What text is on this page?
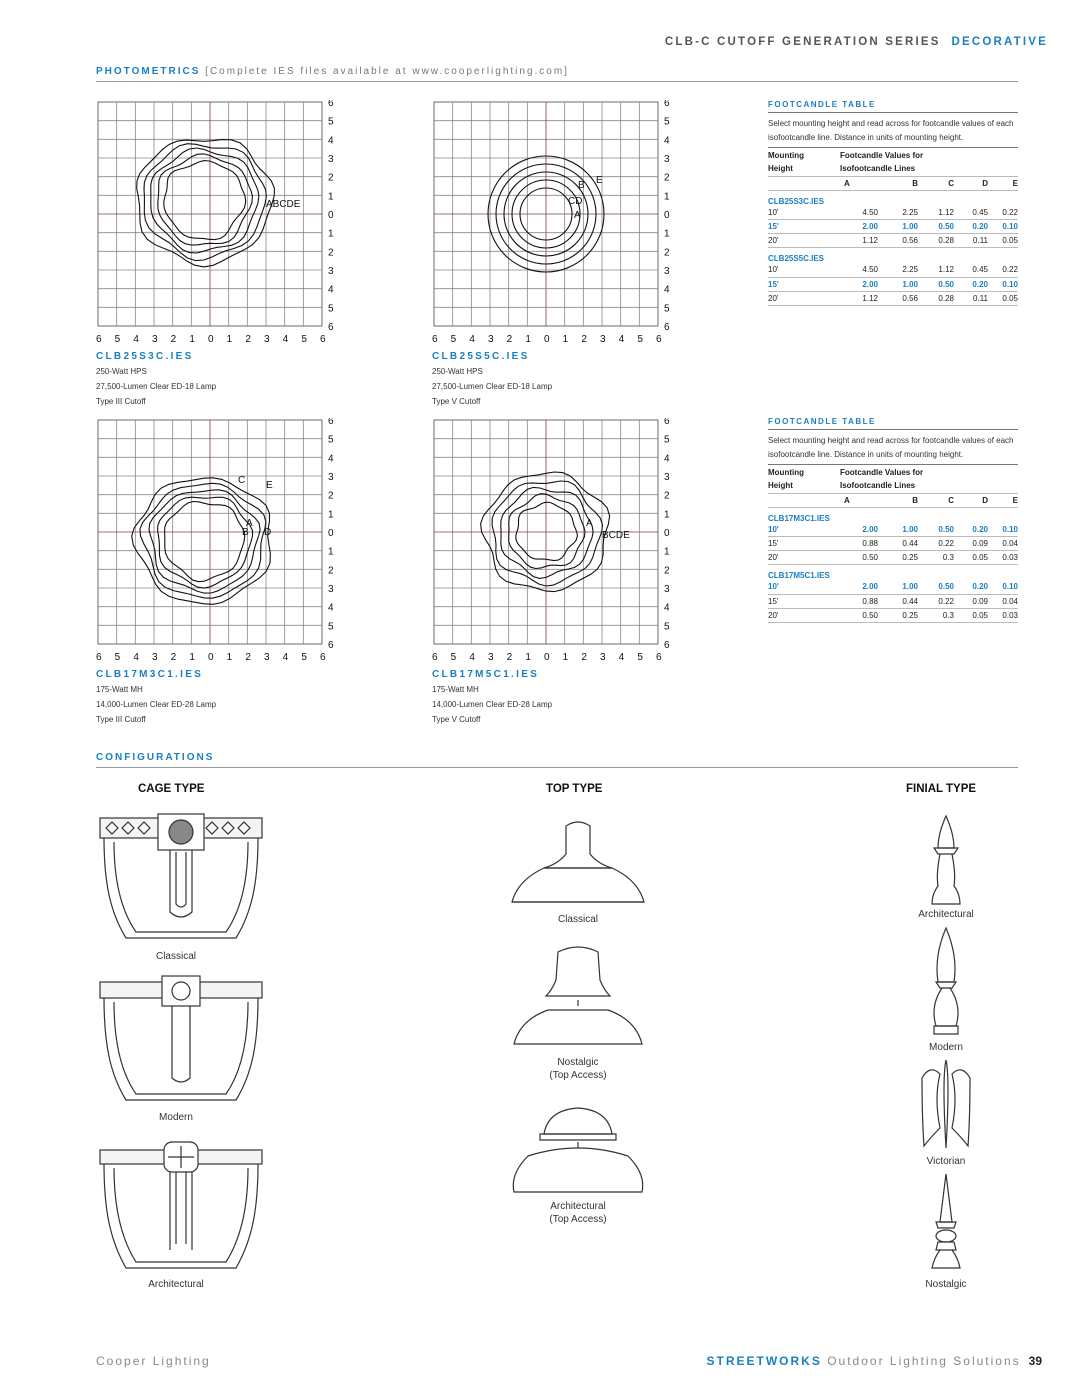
CLB-C CUTOFF GENERATION SERIES DECORATIVE
PHOTOMETRICS [Complete IES files available at www.cooperlighting.com]
ABCDE
6
5
4
3
2
1
0
1
2
3
4
5
6
6 5 4 3 2 1 0 1 2 3 4 5 6
CLB25S3C.IES
250-Watt HPS
27,500-Lumen Clear ED-18 Lamp
Type III Cutoff
B E
CD
A
6
5
4
3
2
1
0
1
2
3
4
5
6
6 5 4 3 2 1 0 1 2 3 4 5 6
CLB25S5C.IES
250-Watt HPS
27,500-Lumen Clear ED-18 Lamp
Type V Cutoff
C E
B D
A
6
5
4
3
2
1
0
1
2
3
4
5
6
6 5 4 3 2 1 0 1 2 3 4 5 6
CLB17M3C1.IES
175-Watt MH
14,000-Lumen Clear ED-28 Lamp
Type III Cutoff
A
BCDE
6
5
4
3
2
1
0
1
2
3
4
5
6
6 5 4 3 2 1 0 1 2 3 4 5 6
CLB17M5C1.IES
175-Watt MH
14,000-Lumen Clear ED-28 Lamp
Type V Cutoff
FOOTCANDLE TABLE
Select mounting height and read across for footcandle values of each isofootcandle line. Distance in units of mounting height.
Mounting	Footcandle Values for				
Height	Isofootcandle Lines				
	A	B	C	D	E
CLB25S3C.IES					
10'	4.50	2.25	1.12	0.45	0.22
15'	2.00	1.00	0.50	0.20	0.10
20'	1.12	0.56	0.28	0.11	0.05
CLB25S5C.IES					
10'	4.50	2.25	1.12	0.45	0.22
15'	2.00	1.00	0.50	0.20	0.10
20'	1.12	0.56	0.28	0.11	0.05
FOOTCANDLE TABLE
Select mounting height and read across for footcandle values of each isofootcandle line. Distance in units of mounting height.
Mounting	Footcandle Values for				
Height	Isofootcandle Lines				
	A	B	C	D	E
CLB17M3C1.IES					
10'	2.00	1.00	0.50	0.20	0.10
15'	0.88	0.44	0.22	0.09	0.04
20'	0.50	0.25	0.3	0.05	0.03
CLB17M5C1.IES					
10'	2.00	1.00	0.50	0.20	0.10
15'	0.88	0.44	0.22	0.09	0.04
20'	0.50	0.25	0.3	0.05	0.03
CONFIGURATIONS
CAGE TYPE	TOP TYPE	FINIAL TYPE
Classical
Modern
Architectural
Classical
Nostalgic
(Top Access)
Architectural
(Top Access)
Architectural
Modern
Victorian
Nostalgic
Cooper Lighting	STREETWORKS Outdoor Lighting Solutions 39
